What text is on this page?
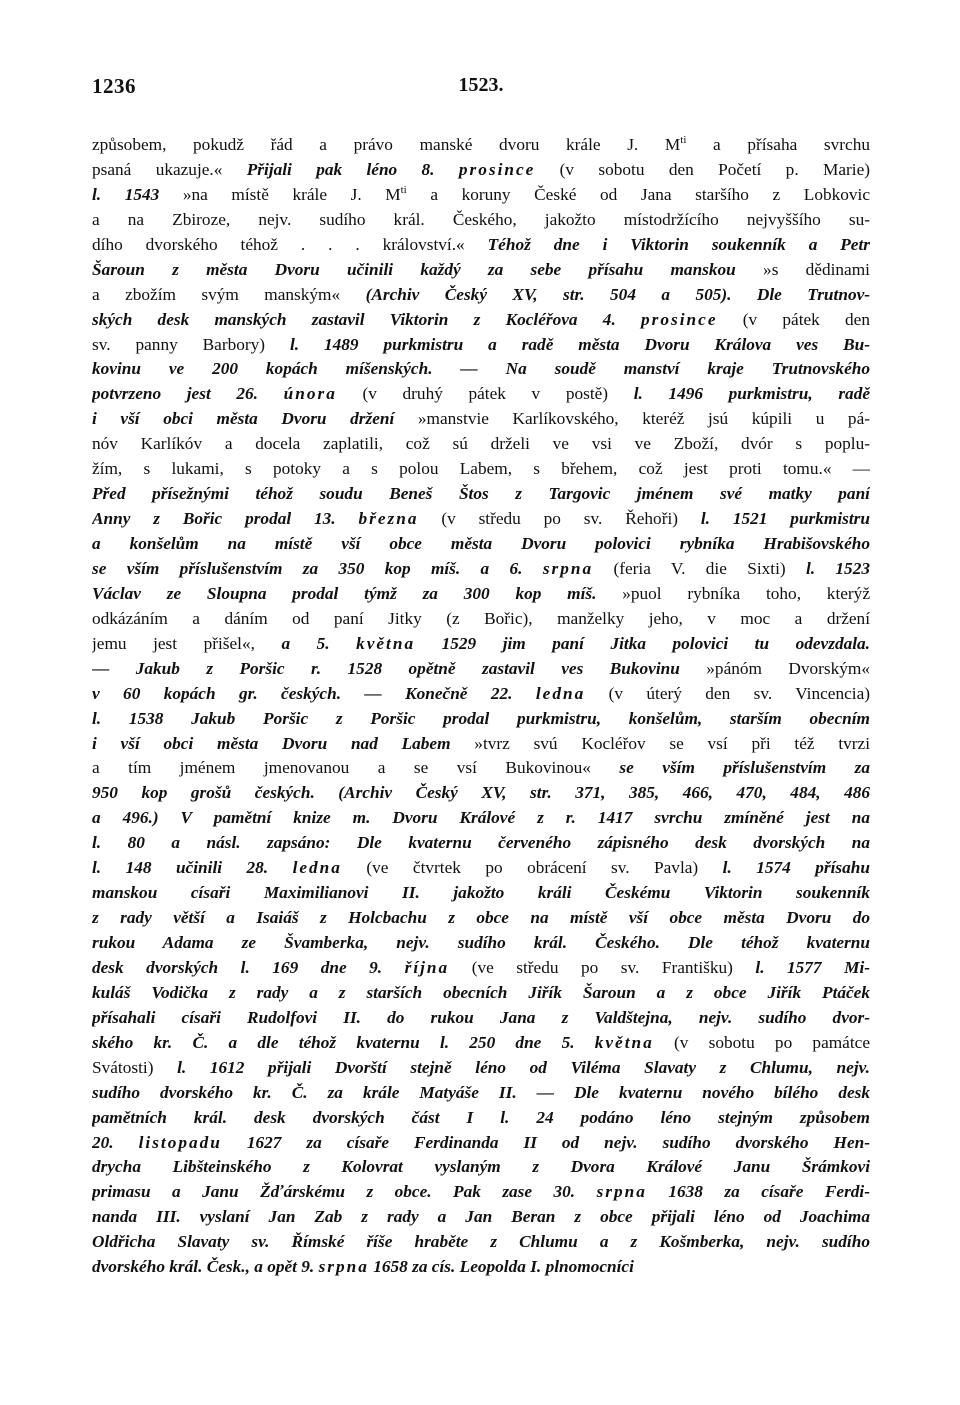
1236	1523.
způsobem, pokudž řád a právo manské dvoru krále J. $M^{ti}$ a přísaha svrchu
psaná ukazuje.« Přijali pak léno 8. prosince (v sobotu den Početí p. Marie)
l. 1543 »na místě krále J. $M^{ti}$ a koruny České od Jana staršího z Lobkovic
a na Zbiroze, nejv. sudího král. Českého, jakožto místodržícího nejvyššího su-
dího dvorského téhož . . . království.« Téhož dne i Viktorin soukenník a Petr
Šaroun z města Dvoru učinili každý za sebe přísahu manskou »s dědinami
a zbožím svým manským« (Archiv Český XV, str. 504 a 505). Dle Trutnov-
ských desk manských zastavil Viktorin z Kocléřova 4. prosince (v pátek den
sv. panny Barbory) l. 1489 purkmistru a radě města Dvoru Králova ves Bu-
kovinu ve 200 kopách míšenských. — Na soudě manství kraje Trutnovského
potvrzeno jest 26. února (v druhý pátek v postě) l. 1496 purkmistru, radě
i vší obci města Dvoru držení »manstvie Karlíkovského, kteréž jsú kúpili u pá-
nóv Karlíkóv a docela zaplatili, což sú drželi ve vsi ve Zboží, dvór s poplu-
žím, s lukami, s potoky a s polou Labem, s břehem, což jest proti tomu.« —
Před přísežnými téhož soudu Beneš Štos z Targovic jménem své matky paní
Anny z Bořic prodal 13. března (v středu po sv. Řehoři) l. 1521 purkmistru
a konšelům na místě vší obce města Dvoru polovici rybníka Hrabišovského
se vším příslušenstvím za 350 kop míš. a 6. srpna (feria V. die Sixti) l. 1523
Václav ze Sloupna prodal týmž za 300 kop míš. »puol rybníka toho, kterýž
odkázáním a dáním od paní Jitky (z Bořic), manželky jeho, v moc a držení
jemu jest přišel«, a 5. května 1529 jim paní Jitka polovici tu odevzdala.
— Jakub z Poršic r. 1528 opětně zastavil ves Bukovinu »pánóm Dvorským«
v 60 kopách gr. českých. — Konečně 22. ledna (v úterý den sv. Vincencia)
l. 1538 Jakub Poršic z Poršic prodal purkmistru, konšelům, starším obecním
i vší obci města Dvoru nad Labem »tvrz svú Kocléřov se vsí při též tvrzi
a tím jménem jmenovanou a se vsí Bukovinou« se vším příslušenstvím za
950 kop grošů českých. (Archiv Český XV, str. 371, 385, 466, 470, 484, 486
a 496.) V pamětní knize m. Dvoru Králové z r. 1417 svrchu zmíněné jest na
l. 80 a násl. zapsáno: Dle kvaternu červeného zápisného desk dvorských na
l. 148 učinili 28. ledna (ve čtvrtek po obrácení sv. Pavla) l. 1574 přísahu
manskou císaři Maximilianovi II. jakožto králi Českému Viktorin soukenník
z rady větší a Isaiáš z Holcbachu z obce na místě vší obce města Dvoru do
rukou Adama ze Švamberka, nejv. sudího král. Českého. Dle téhož kvaternu
desk dvorských l. 169 dne 9. října (ve středu po sv. Františku) l. 1577 Mi-
kuláš Vodička z rady a z starších obecních Jiřík Šaroun a z obce Jiřík Ptáček
přísahali císaři Rudolfovi II. do rukou Jana z Valdštejna, nejv. sudího dvor-
ského kr. Č. a dle téhož kvaternu l. 250 dne 5. května (v sobotu po památce
Svátosti) l. 1612 přijali Dvorští stejně léno od Viléma Slavaty z Chlumu, nejv.
sudího dvorského kr. Č. za krále Matyáše II. — Dle kvaternu nového bílého desk
pamětních král. desk dvorských část I l. 24 podáno léno stejným způsobem
20. listopadu 1627 za císaře Ferdinanda II od nejv. sudího dvorského Hen-
drycha Libšteinského z Kolovrat vyslaným z Dvora Králové Janu Šrámkovi
primasu a Janu Žďárskému z obce. Pak zase 30. srpna 1638 za císaře Ferdi-
nanda III. vyslaní Jan Zab z rady a Jan Beran z obce přijali léno od Joachima
Oldřicha Slavaty sv. Římské říše hraběte z Chlumu a z Košmberka, nejv. sudího
dvorského král. Česk., a opět 9. srpna 1658 za cís. Leopolda I. plnomocníci
